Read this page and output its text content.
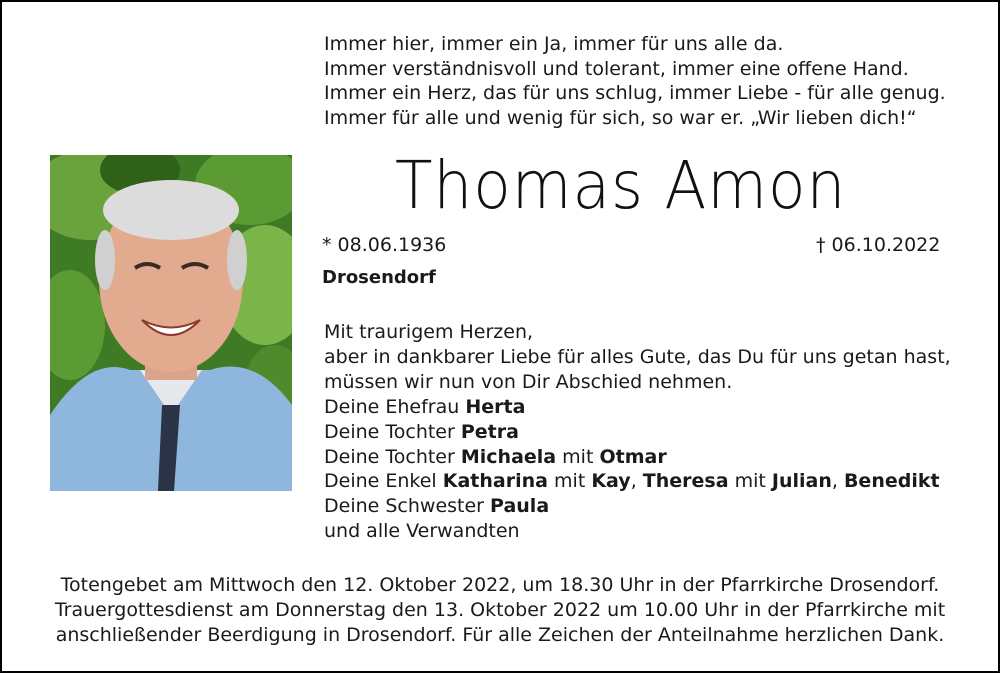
Immer hier, immer ein Ja, immer für uns alle da.
Immer verständnisvoll und tolerant, immer eine offene Hand.
Immer ein Herz, das für uns schlug, immer Liebe - für alle genug.
Immer für alle und wenig für sich, so war er. „Wir lieben dich!“
Thomas Amon
* 08.06.1936	† 06.10.2022
Drosendorf
Mit traurigem Herzen,
aber in dankbarer Liebe für alles Gute, das Du für uns getan hast,
müssen wir nun von Dir Abschied nehmen.
Deine Ehefrau Herta
Deine Tochter Petra
Deine Tochter Michaela mit Otmar
Deine Enkel Katharina mit Kay, Theresa mit Julian, Benedikt
Deine Schwester Paula
und alle Verwandten
Totengebet am Mittwoch den 12. Oktober 2022, um 18.30 Uhr in der Pfarrkirche Drosendorf.
Trauergottesdienst am Donnerstag den 13. Oktober 2022 um 10.00 Uhr in der Pfarrkirche mit
anschließender Beerdigung in Drosendorf. Für alle Zeichen der Anteilnahme herzlichen Dank.
